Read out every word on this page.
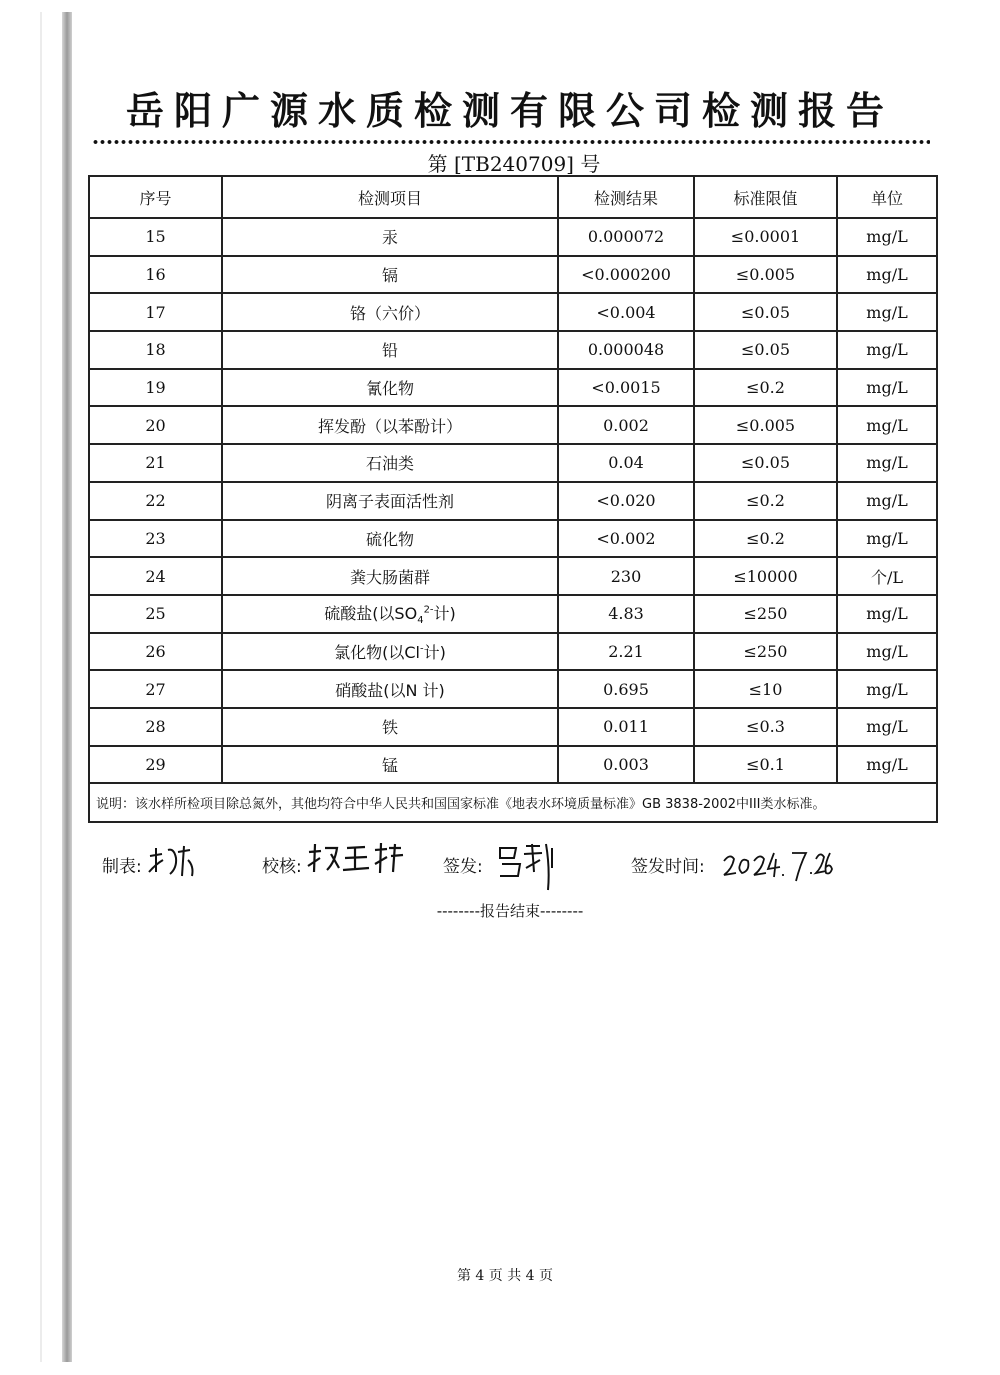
岳阳广源水质检测有限公司检测报告
第 [TB240709] 号
序号	检测项目	检测结果	标准限值	单位
15	汞	0.000072	≤0.0001	mg/L
16	镉	<0.000200	≤0.005	mg/L
17	铬（六价）	<0.004	≤0.05	mg/L
18	铅	0.000048	≤0.05	mg/L
19	氰化物	<0.0015	≤0.2	mg/L
20	挥发酚（以苯酚计）	0.002	≤0.005	mg/L
21	石油类	0.04	≤0.05	mg/L
22	阴离子表面活性剂	<0.020	≤0.2	mg/L
23	硫化物	<0.002	≤0.2	mg/L
24	粪大肠菌群	230	≤10000	个/L
25	硫酸盐(以$SO_4^{2-}$计)	4.83	≤250	mg/L
26	氯化物(以Cl-计)	2.21	≤250	mg/L
27	硝酸盐(以N 计)	0.695	≤10	mg/L
28	铁	0.011	≤0.3	mg/L
29	锰	0.003	≤0.1	mg/L
说明：该水样所检项目除总氮外，其他均符合中华人民共和国国家标准《地表水环境质量标准》GB 3838-2002中III类水标准。				
制表:	校核:	签发:	签发时间:
--------报告结束--------
第 4 页 共 4 页
